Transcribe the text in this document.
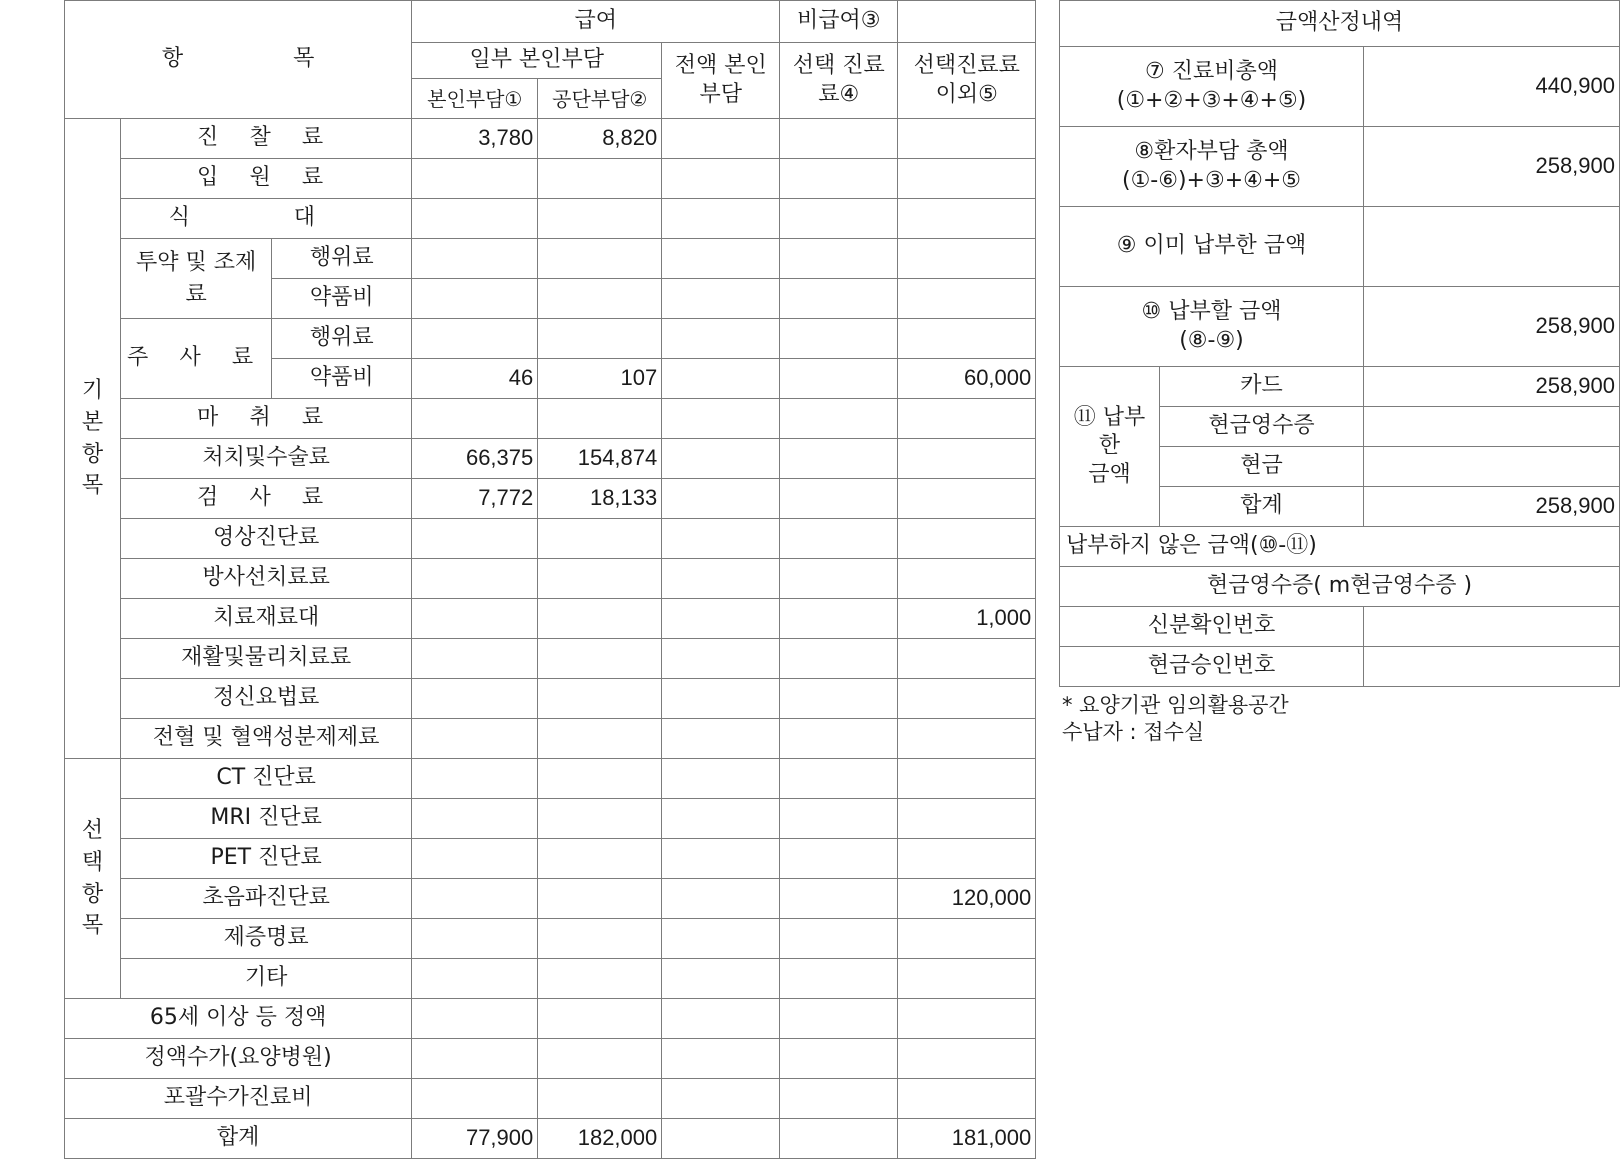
항 목			급여			비급여③	
			일부 본인부담		전액 본인부담	선택 진료료④	선택진료료 이외⑤
			본인부담①	공단부담②			
기본항목	진 찰 료		3,780	8,820			
	입 원 료						
	식 대						
	투약 및 조제료	행위료					
		약품비					
	주 사 료	행위료					
		약품비	46	107			60,000
	마 취 료						
	처치및수술료		66,375	154,874			
	검 사 료		7,772	18,133			
	영상진단료						
	방사선치료료						
	치료재료대						1,000
	재활및물리치료료						
	정신요법료						
	전혈 및 혈액성분제제료						
선택항목	CT 진단료						
	MRI 진단료						
	PET 진단료						
	초음파진단료						120,000
	제증명료						
	기타						
65세 이상 등 정액							
정액수가(요양병원)							
포괄수가진료비							
합계			77,900	182,000			181,000
금액산정내역		

⑦ 진료비총액
(①+②+③+④+⑤)		440,900

⑧환자부담 총액
(①-⑥)+③+④+⑤		258,900
⑨ 이미 납부한 금액		

⑩ 납부할 금액
(⑧-⑨)		258,900

⑪ 납부
한
금액	카드	258,900
	현금영수증	
	현금	
	합계	258,900
납부하지 않은 금액(⑩-⑪)		
현금영수증( m현금영수증 )		
신분확인번호		
현금승인번호		
* 요양기관 임의활용공간
수납자 : 접수실
